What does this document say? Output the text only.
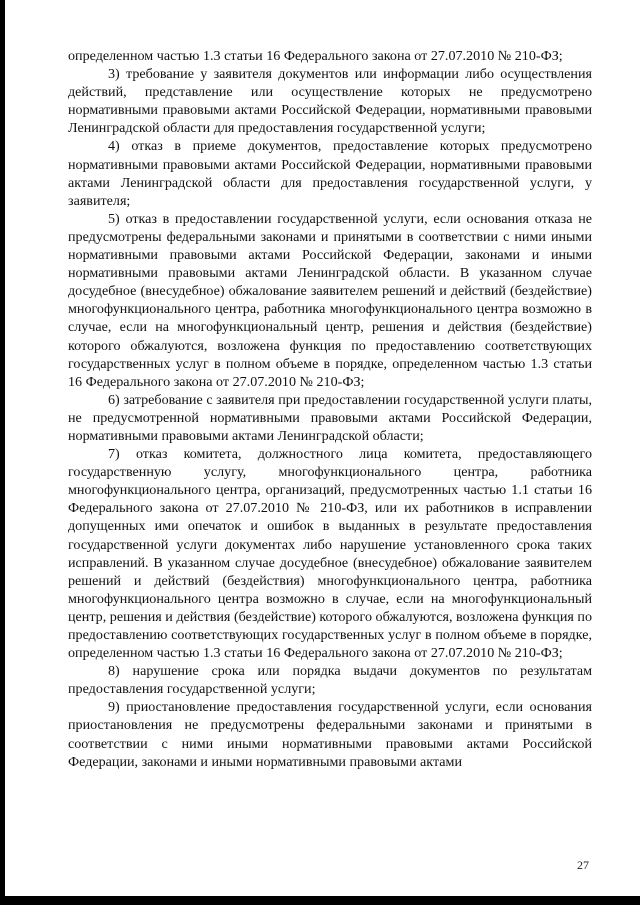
определенном частью 1.3 статьи 16 Федерального закона от 27.07.2010 № 210-ФЗ;

3) требование у заявителя документов или информации либо осуществления действий, представление или осуществление которых не предусмотрено нормативными правовыми актами Российской Федерации, нормативными правовыми Ленинградской области для предоставления государственной услуги;

4) отказ в приеме документов, предоставление которых предусмотрено нормативными правовыми актами Российской Федерации, нормативными правовыми актами Ленинградской области для предоставления государственной услуги, у заявителя;

5) отказ в предоставлении государственной услуги, если основания отказа не предусмотрены федеральными законами и принятыми в соответствии с ними иными нормативными правовыми актами Российской Федерации, законами и иными нормативными правовыми актами Ленинградской области. В указанном случае досудебное (внесудебное) обжалование заявителем решений и действий (бездействие) многофункционального центра, работника многофункционального центра возможно в случае, если на многофункциональный центр, решения и действия (бездействие) которого обжалуются, возложена функция по предоставлению соответствующих государственных услуг в полном объеме в порядке, определенном частью 1.3 статьи 16 Федерального закона от 27.07.2010 № 210-ФЗ;

6) затребование с заявителя при предоставлении государственной услуги платы, не предусмотренной нормативными правовыми актами Российской Федерации, нормативными правовыми актами Ленинградской области;

7) отказ комитета, должностного лица комитета, предоставляющего государственную услугу, многофункционального центра, работника многофункционального центра, организаций, предусмотренных частью 1.1 статьи 16 Федерального закона от 27.07.2010 № 210-ФЗ, или их работников в исправлении допущенных ими опечаток и ошибок в выданных в результате предоставления государственной услуги документах либо нарушение установленного срока таких исправлений. В указанном случае досудебное (внесудебное) обжалование заявителем решений и действий (бездействия) многофункционального центра, работника многофункционального центра возможно в случае, если на многофункциональный центр, решения и действия (бездействие) которого обжалуются, возложена функция по предоставлению соответствующих государственных услуг в полном объеме в порядке, определенном частью 1.3 статьи 16 Федерального закона от 27.07.2010 № 210-ФЗ;

8) нарушение срока или порядка выдачи документов по результатам предоставления государственной услуги;

9) приостановление предоставления государственной услуги, если основания приостановления не предусмотрены федеральными законами и принятыми в соответствии с ними иными нормативными правовыми актами Российской Федерации, законами и иными нормативными правовыми актами

27
